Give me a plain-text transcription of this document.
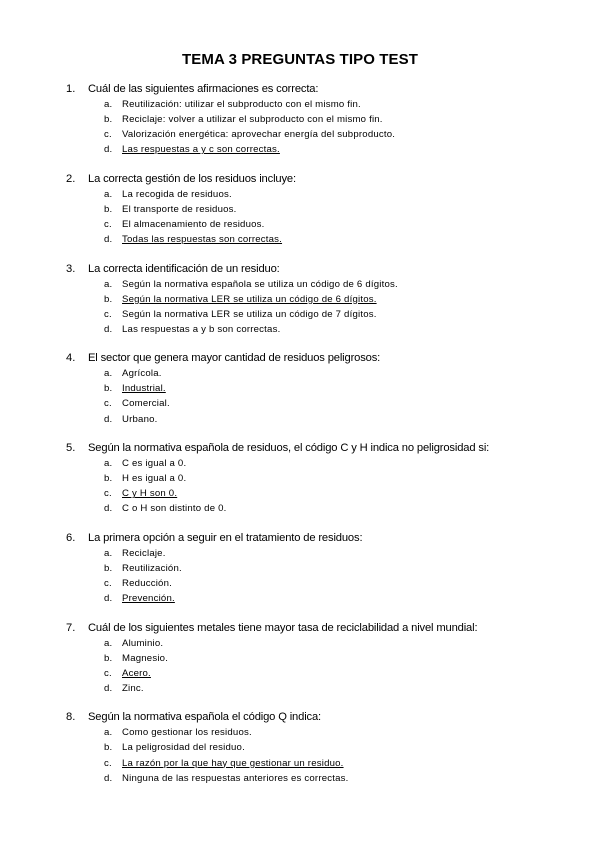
TEMA 3 PREGUNTAS TIPO TEST
1.	Cuál de las siguientes afirmaciones es correcta:
a. Reutilización: utilizar el subproducto con el mismo fin.
b. Reciclaje: volver a utilizar el subproducto con el mismo fin.
c.	Valorización energética: aprovechar energía del subproducto.
d. Las respuestas a y c son correctas.
2.	La correcta gestión de los residuos incluye:
a. La recogida de residuos.
b. El transporte de residuos.
c.	El almacenamiento de residuos.
d. Todas las respuestas son correctas.
3.	La correcta identificación de un residuo:
a. Según la normativa española se utiliza un código de 6 dígitos.
b. Según la normativa LER se utiliza un código de 6 dígitos.
c.	Según la normativa LER se utiliza un código de 7 dígitos.
d. Las respuestas a y b son correctas.
4.	El sector que genera mayor cantidad de residuos peligrosos:
a. Agrícola.
b. Industrial.
c.	Comercial.
d. Urbano.
5.	Según la normativa española de residuos, el código C y H indica no peligrosidad si:
a. C es igual a 0.
b. H es igual a 0.
c.	C y H son 0.
d. C o H son distinto de 0.
6.	La primera opción a seguir en el tratamiento de residuos:
a. Reciclaje.
b. Reutilización.
c.	Reducción.
d. Prevención.
7.	Cuál de los siguientes metales tiene mayor tasa de reciclabilidad a nivel mundial:
a. Aluminio.
b. Magnesio.
c.	Acero.
d. Zinc.
8.	Según la normativa española el código Q indica:
a. Como gestionar los residuos.
b. La peligrosidad del residuo.
c.	La razón por la que hay que gestionar un residuo.
d. Ninguna de las respuestas anteriores es correctas.
